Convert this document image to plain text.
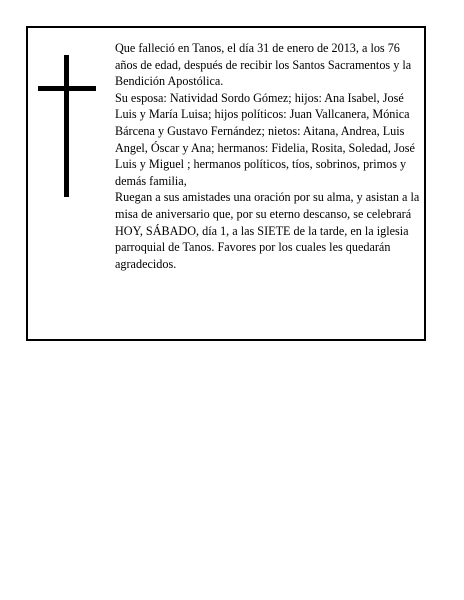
Que falleció en Tanos, el día 31 de enero de 2013, a los 76 años de edad, después de recibir los Santos Sacramentos y la Bendición Apostólica.

Su esposa: Natividad Sordo Gómez; hijos: Ana Isabel, José Luis y María Luisa; hijos políticos: Juan Vallcanera, Mónica Bárcena y Gustavo Fernández; nietos: Aitana, Andrea, Luis Angel, Óscar y Ana; hermanos: Fidelia, Rosita, Soledad, José Luis y Miguel ; hermanos políticos, tíos, sobrinos, primos y demás familia,

Ruegan a sus amistades una oración por su alma, y asistan a la misa de aniversario que, por su eterno descanso, se celebrará HOY, SÁBADO, día 1, a las SIETE de la tarde, en la iglesia parroquial de Tanos. Favores por los cuales les quedarán agradecidos.
